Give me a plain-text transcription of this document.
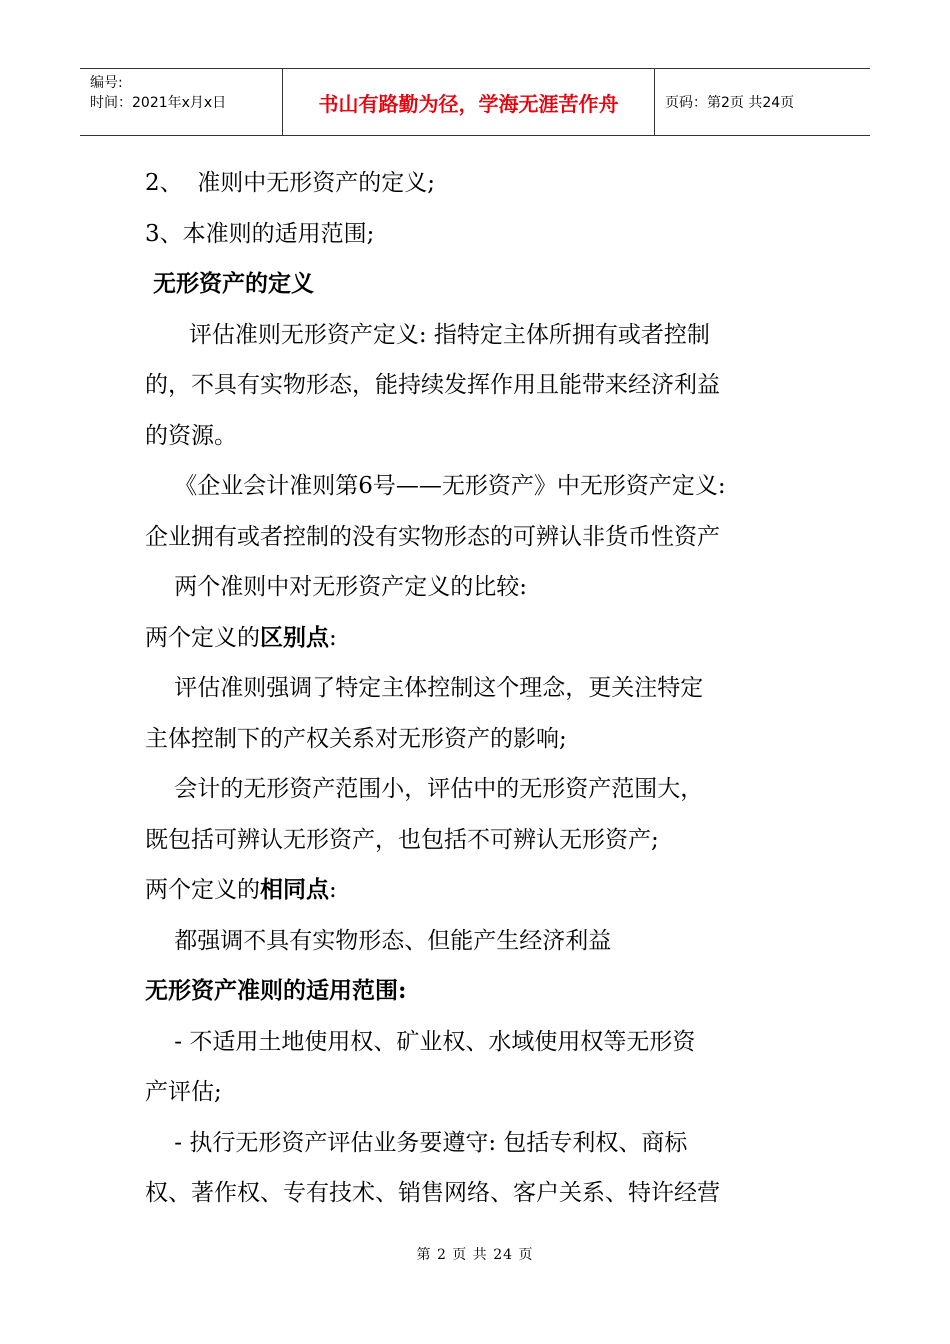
编号:
时间：2021年x月x日	书山有路勤为径，学海无涯苦作舟	页码：第2页 共24页

2、  准则中无形资产的定义;

3、本准则的适用范围;

无形资产的定义

评估准则无形资产定义: 指特定主体所拥有或者控制

的，不具有实物形态，能持续发挥作用且能带来经济利益

的资源。

《企业会计准则第6号——无形资产》中无形资产定义:

企业拥有或者控制的没有实物形态的可辨认非货币性资产

两个准则中对无形资产定义的比较:

两个定义的区别点:

评估准则强调了特定主体控制这个理念，更关注特定

主体控制下的产权关系对无形资产的影响;

会计的无形资产范围小，评估中的无形资产范围大，

既包括可辨认无形资产，也包括不可辨认无形资产;

两个定义的相同点:

都强调不具有实物形态、但能产生经济利益

无形资产准则的适用范围:

- 不适用土地使用权、矿业权、水域使用权等无形资

产评估;

- 执行无形资产评估业务要遵守: 包括专利权、商标

权、著作权、专有技术、销售网络、客户关系、特许经营

第 2 页 共 24 页
